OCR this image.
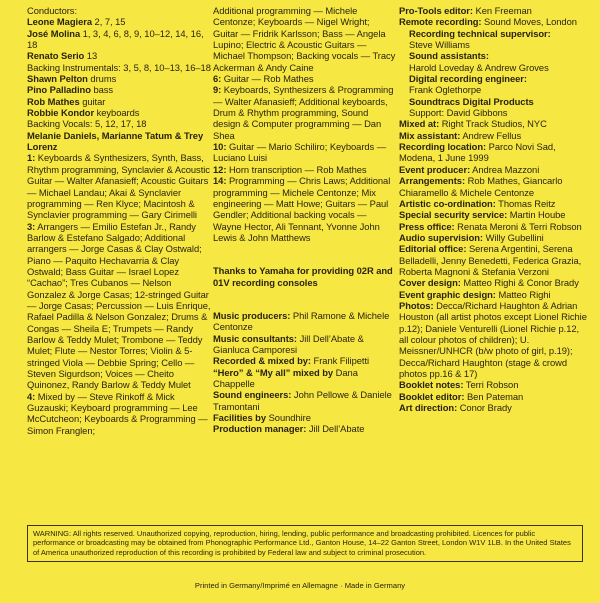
Conductors:

Leone Magiera 2, 7, 15

José Molina 1, 3, 4, 6, 8, 9, 10–12, 14, 16, 18

Renato Serio 13

Backing Instrumentals: 3, 5, 8, 10–13, 16–18

Shawn Pelton drums

Pino Palladino bass

Rob Mathes guitar

Robbie Kondor keyboards

Backing Vocals: 5, 12, 17, 18

Melanie Daniels, Marianne Tatum & Trey Lorenz

1: Keyboards & Synthesizers, Synth, Bass, Rhythm programming, Synclavier & Acoustic Guitar — Walter Afanasieff; Acoustic Guitars — Michael Landau; Akai & Synclavier programming — Ren Klyce; Macintosh & Synclavier programming — Gary Cirimelli

3: Arrangers — Emilio Estefan Jr., Randy Barlow & Estefano Salgado; Additional arrangers — Jorge Casas & Clay Ostwald; Piano — Paquito Hechavarria & Clay Ostwald; Bass Guitar — Israel Lopez “Cachao”; Tres Cubanos — Nelson Gonzalez & Jorge Casas; 12-stringed Guitar — Jorge Casas; Percussion — Luis Enrique, Rafael Padilla & Nelson Gonzalez; Drums & Congas — Sheila E; Trumpets — Randy Barlow & Teddy Mulet; Trombone — Teddy Mulet; Flute — Nestor Torres; Violin & 5-stringed Viola — Debbie Spring; Cello — Steven Sigurdson; Voices — Cheito Quinonez, Randy Barlow & Teddy Mulet

4: Mixed by — Steve Rinkoff & Mick Guzauski; Keyboard programming — Lee McCutcheon; Keyboards & Programming — Simon Franglen;

Additional programming — Michele Centonze; Keyboards — Nigel Wright; Guitar — Fridrik Karlsson; Bass — Angela Lupino; Electric & Acoustic Guitars — Michael Thompson; Backing vocals — Tracy Ackerman & Andy Caine

6: Guitar — Rob Mathes

9: Keyboards, Synthesizers & Programming — Walter Afanasieff; Additional keyboards, Drum & Rhythm programming, Sound design & Computer programming — Dan Shea

10: Guitar — Mario Schiliro; Keyboards — Luciano Luisi

12: Horn transcription — Rob Mathes

14: Programming — Chris Laws; Additional programming — Michele Centonze; Mix engineering — Matt Howe; Guitars — Paul Gendler; Additional backing vocals — Wayne Hector, Ali Tennant, Yvonne John Lewis & John Matthews

Thanks to Yamaha for providing 02R and 01V recording consoles

Music producers: Phil Ramone & Michele Centonze

Music consultants: Jill Dell’Abate & Gianluca Camporesi

Recorded & mixed by: Frank Filipetti

“Hero” & “My all” mixed by Dana Chappelle

Sound engineers: John Pellowe & Daniele Tramontani

Facilities by Soundhire

Production manager: Jill Dell’Abate

Pro-Tools editor: Ken Freeman

Remote recording: Sound Moves, London

Recording technical supervisor:

Steve Williams

Sound assistants:

Harold Loveday & Andrew Groves

Digital recording engineer:

Frank Oglethorpe

Soundtracs Digital Products

Support: David Gibbons

Mixed at: Right Track Studios, NYC

Mix assistant: Andrew Fellus

Recording location: Parco Novi Sad, Modena, 1 June 1999

Event producer: Andrea Mazzoni

Arrangements: Rob Mathes, Giancarlo Chiaramello & Michele Centonze

Artistic co-ordination: Thomas Reitz

Special security service: Martin Hoube

Press office: Renata Meroni & Terri Robson

Audio supervision: Willy Gubellini

Editorial office: Serena Argentini, Serena Belladelli, Jenny Benedetti, Federica Grazia, Roberta Magnoni & Stefania Verzoni

Cover design: Matteo Righi & Conor Brady

Event graphic design: Matteo Righi

Photos: Decca/Richard Haughton & Adrian Houston (all artist photos except Lionel Richie p.12); Daniele Venturelli (Lionel Richie p.12, all colour photos of children); U. Meissner/UNHCR (b/w photo of girl, p.19); Decca/Richard Haughton (stage & crowd photos pp.16 & 17)

Booklet notes: Terri Robson

Booklet editor: Ben Pateman

Art direction: Conor Brady

WARNING: All rights reserved. Unauthorized copying, reproduction, hiring, lending, public performance and broadcasting prohibited. Licences for public performance or broadcasting may be obtained from Phonographic Performance Ltd., Ganton House, 14–22 Ganton Street, London W1V 1LB. In the United States of America unauthorized reproduction of this recording is prohibited by Federal law and subject to criminal prosecution.
Printed in Germany/Imprimé en Allemagne · Made in Germany
